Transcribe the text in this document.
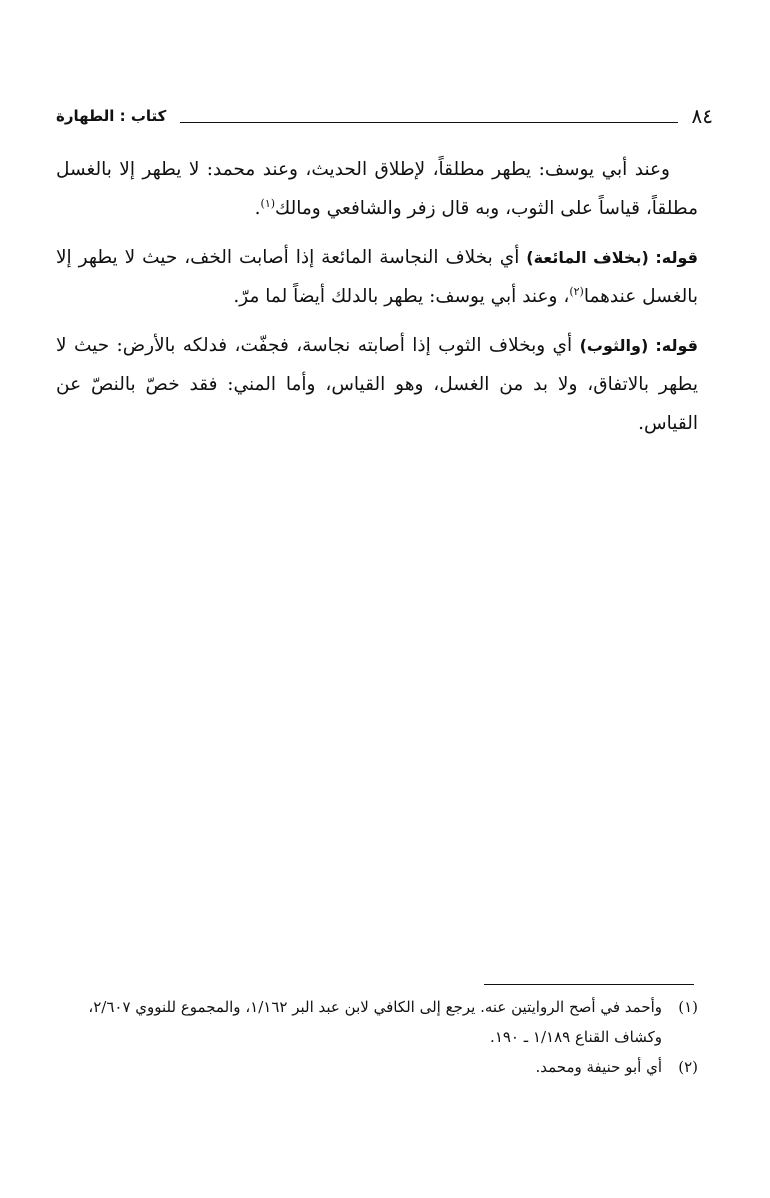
٨٤
كتاب : الطهارة

وعند أبي يوسف: يطهر مطلقاً، لإطلاق الحديث، وعند محمد: لا يطهر إلا بالغسل مطلقاً، قياساً على الثوب، وبه قال زفر والشافعي ومالك$^{(١)}$.

قوله: (بخلاف المائعة) أي بخلاف النجاسة المائعة إذا أصابت الخف، حيث لا يطهر إلا بالغسل عندهما$^{(٢)}$، وعند أبي يوسف: يطهر بالدلك أيضاً لما مرّ.

قوله: (والثوب) أي وبخلاف الثوب إذا أصابته نجاسة، فجفّت، فدلكه بالأرض: حيث لا يطهر بالاتفاق، ولا بد من الغسل، وهو القياس، وأما المني: فقد خصّ بالنصّ عن القياس.

(١)
وأحمد في أصح الروايتين عنه. يرجع إلى الكافي لابن عبد البر ١/١٦٢، والمجموع للنووي ٢/٦٠٧، وكشاف القناع ١/١٨٩ ـ ١٩٠.
(٢)
أي أبو حنيفة ومحمد.
